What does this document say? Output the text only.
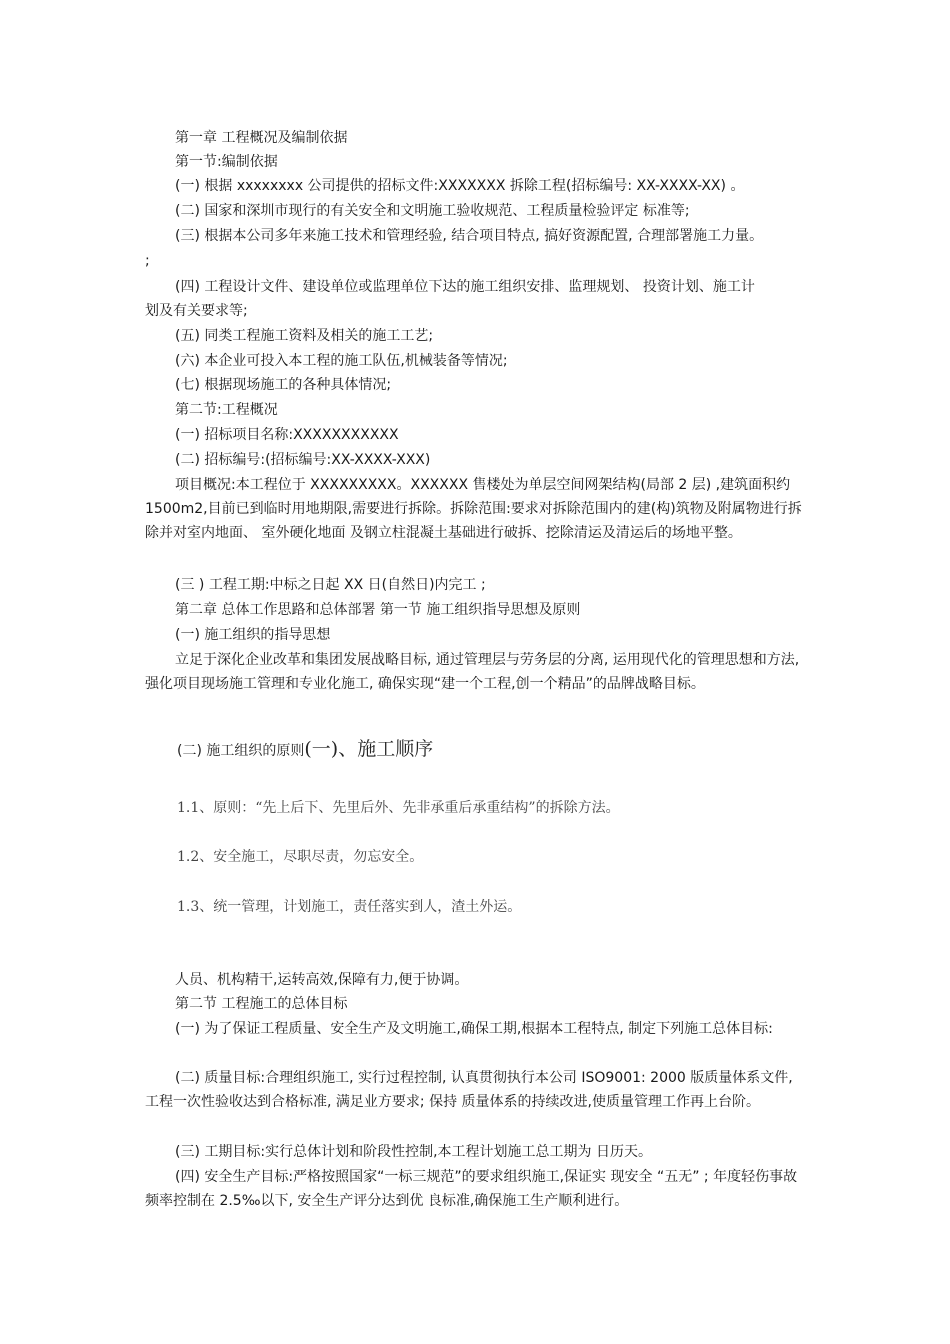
第一章 工程概况及编制依据
第一节:编制依据
(一) 根据 xxxxxxxx 公司提供的招标文件:XXXXXXX 拆除工程(招标编号: XX-XXXX-XX) 。
(二) 国家和深圳市现行的有关安全和文明施工验收规范、工程质量检验评定 标准等;
(三) 根据本公司多年来施工技术和管理经验, 结合项目特点, 搞好资源配置, 合理部署施工力量。
;
(四) 工程设计文件、建设单位或监理单位下达的施工组织安排、监理规划、 投资计划、施工计
划及有关要求等;
(五) 同类工程施工资料及相关的施工工艺;
(六) 本企业可投入本工程的施工队伍,机械装备等情况;
(七) 根据现场施工的各种具体情况;
第二节:工程概况
(一) 招标项目名称:XXXXXXXXXXX
(二) 招标编号:(招标编号:XX-XXXX-XXX)
项目概况:本工程位于 XXXXXXXXX。XXXXXX 售楼处为单层空间网架结构(局部 2 层) ,建筑面积约 1500m2,目前已到临时用地期限,需要进行拆除。拆除范围:要求对拆除范围内的建(构)筑物及附属物进行拆除并对室内地面、 室外硬化地面 及钢立柱混凝土基础进行破拆、挖除清运及清运后的场地平整。
(三 ) 工程工期:中标之日起 XX 日(自然日)内完工 ;
第二章 总体工作思路和总体部署 第一节 施工组织指导思想及原则
(一) 施工组织的指导思想
立足于深化企业改革和集团发展战略目标, 通过管理层与劳务层的分离, 运用现代化的管理思想和方法,强化项目现场施工管理和专业化施工, 确保实现“建一个工程,创一个精品”的品牌战略目标。
(二) 施工组织的原则(一)、施工顺序
1.1、原则：“先上后下、先里后外、先非承重后承重结构”的拆除方法。
1.2、安全施工，尽职尽责，勿忘安全。
1.3、统一管理，计划施工，责任落实到人，渣土外运。
人员、机构精干,运转高效,保障有力,便于协调。
第二节 工程施工的总体目标
(一) 为了保证工程质量、安全生产及文明施工,确保工期,根据本工程特点, 制定下列施工总体目标:
(二) 质量目标:合理组织施工, 实行过程控制, 认真贯彻执行本公司 ISO9001: 2000 版质量体系文件, 工程一次性验收达到合格标准, 满足业方要求; 保持 质量体系的持续改进,使质量管理工作再上台阶。
(三) 工期目标:实行总体计划和阶段性控制,本工程计划施工总工期为 日历天。
(四) 安全生产目标:严格按照国家“一标三规范”的要求组织施工,保证实 现安全 “五无” ; 年度轻伤事故频率控制在 2.5‰以下, 安全生产评分达到优 良标准,确保施工生产顺利进行。
